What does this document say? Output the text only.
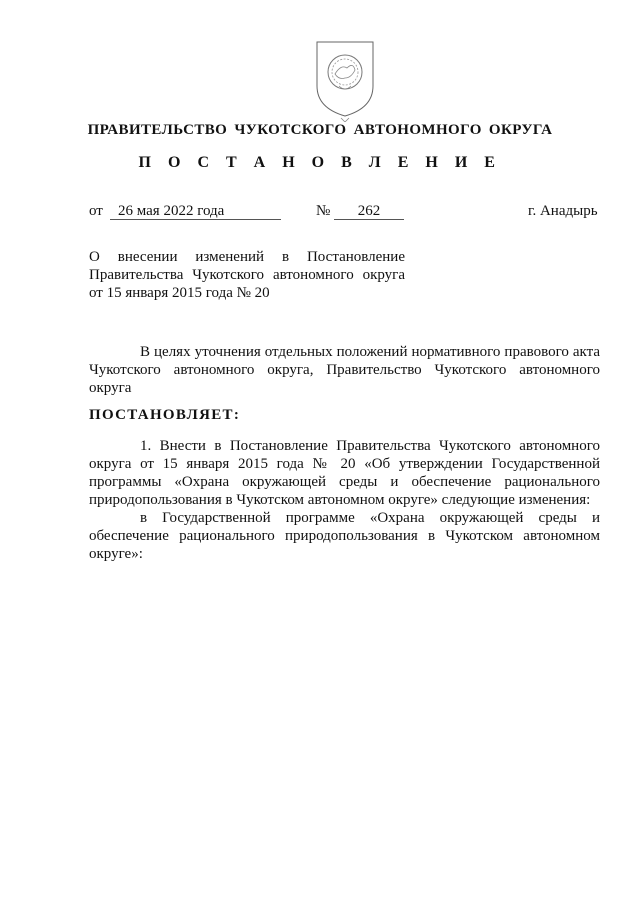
ПРАВИТЕЛЬСТВО ЧУКОТСКОГО АВТОНОМНОГО ОКРУГА
П О С Т А Н О В Л Е Н И Е
от	26 мая 2022 года	№	262	г. Анадырь
О внесении изменений в Постановление Правительства Чукотского автономного округа от 15 января 2015 года № 20

В целях уточнения отдельных положений нормативного правового акта Чукотского автономного округа, Правительство Чукотского автономного округа

ПОСТАНОВЛЯЕТ:

1. Внести в Постановление Правительства Чукотского автономного округа от 15 января 2015 года № 20 «Об утверждении Государственной программы «Охрана окружающей среды и обеспечение рационального природопользования в Чукотском автономном округе» следующие изменения:

в Государственной программе «Охрана окружающей среды и обеспечение рационального природопользования в Чукотском автономном округе»:
